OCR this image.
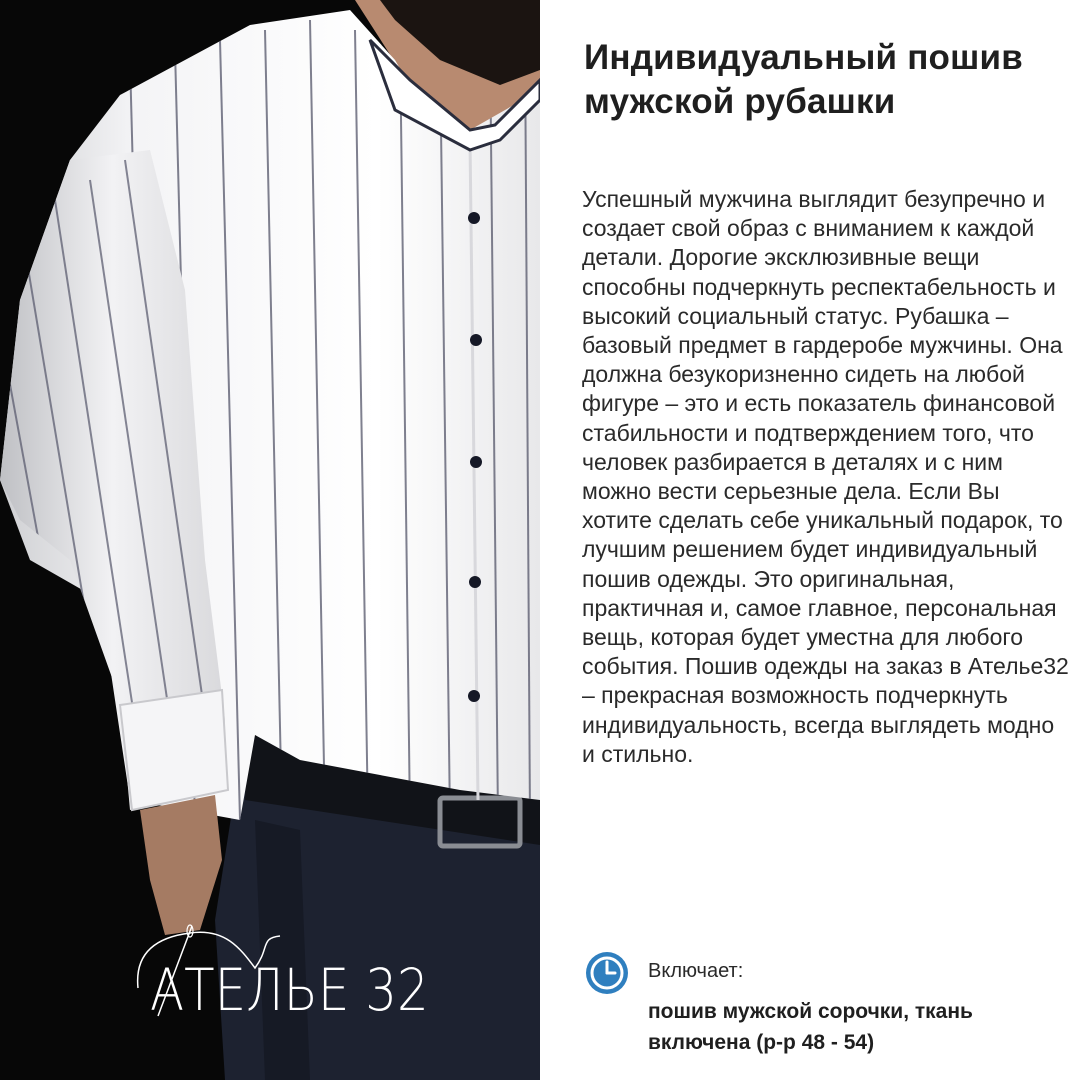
АТЕЛЬЕ 32
Индивидуальный пошив мужской рубашки

Успешный мужчина выглядит безупречно и создает свой образ с вниманием к каждой детали. Дорогие эксклюзивные вещи способны подчеркнуть респектабельность и высокий социальный статус. Рубашка – базовый предмет в гардеробе мужчины. Она должна безукоризненно сидеть на любой фигуре – это и есть показатель финансовой стабильности и подтверждением того, что человек разбирается в деталях и с ним можно вести серьезные дела. Если Вы хотите сделать себе уникальный подарок, то лучшим решением будет индивидуальный пошив одежды. Это оригинальная, практичная и, самое главное, персональная вещь, которая будет уместна для любого события. Пошив одежды на заказ в Ателье32 – прекрасная возможность подчеркнуть индивидуальность, всегда выглядеть модно и стильно.

Включает:
пошив мужской сорочки, ткань включена (р-р 48 - 54)
